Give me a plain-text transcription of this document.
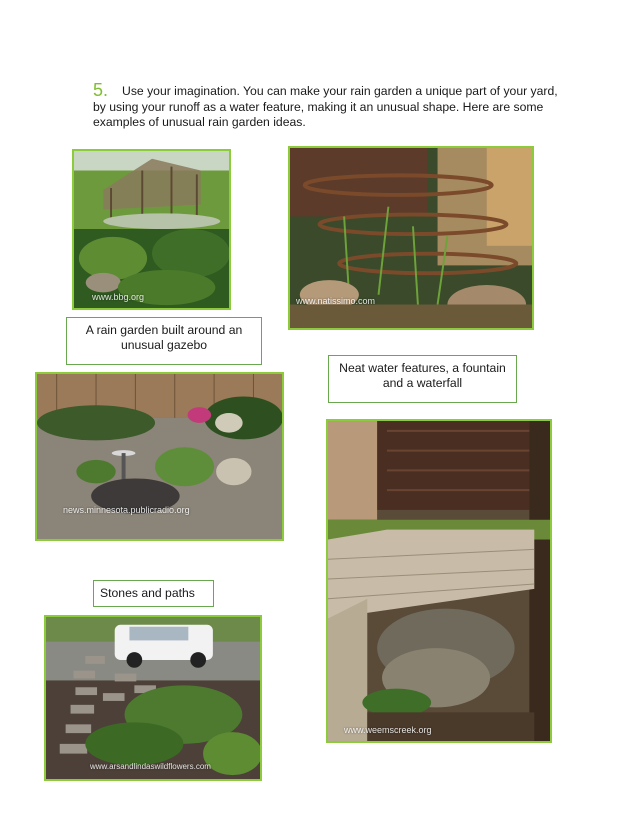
5. Use your imagination. You can make your rain garden a unique part of your yard, by using your runoff as a water feature, making it an unusual shape. Here are some examples of unusual rain garden ideas.
www.bbg.org	www.natissimo.com
A rain garden built around an unusual gazebo
Neat water features, a fountain and a waterfall
news.minnesota.publicradio.org
www.weemscreek.org
Stones and paths
www.arsandlindaswildflowers.com
